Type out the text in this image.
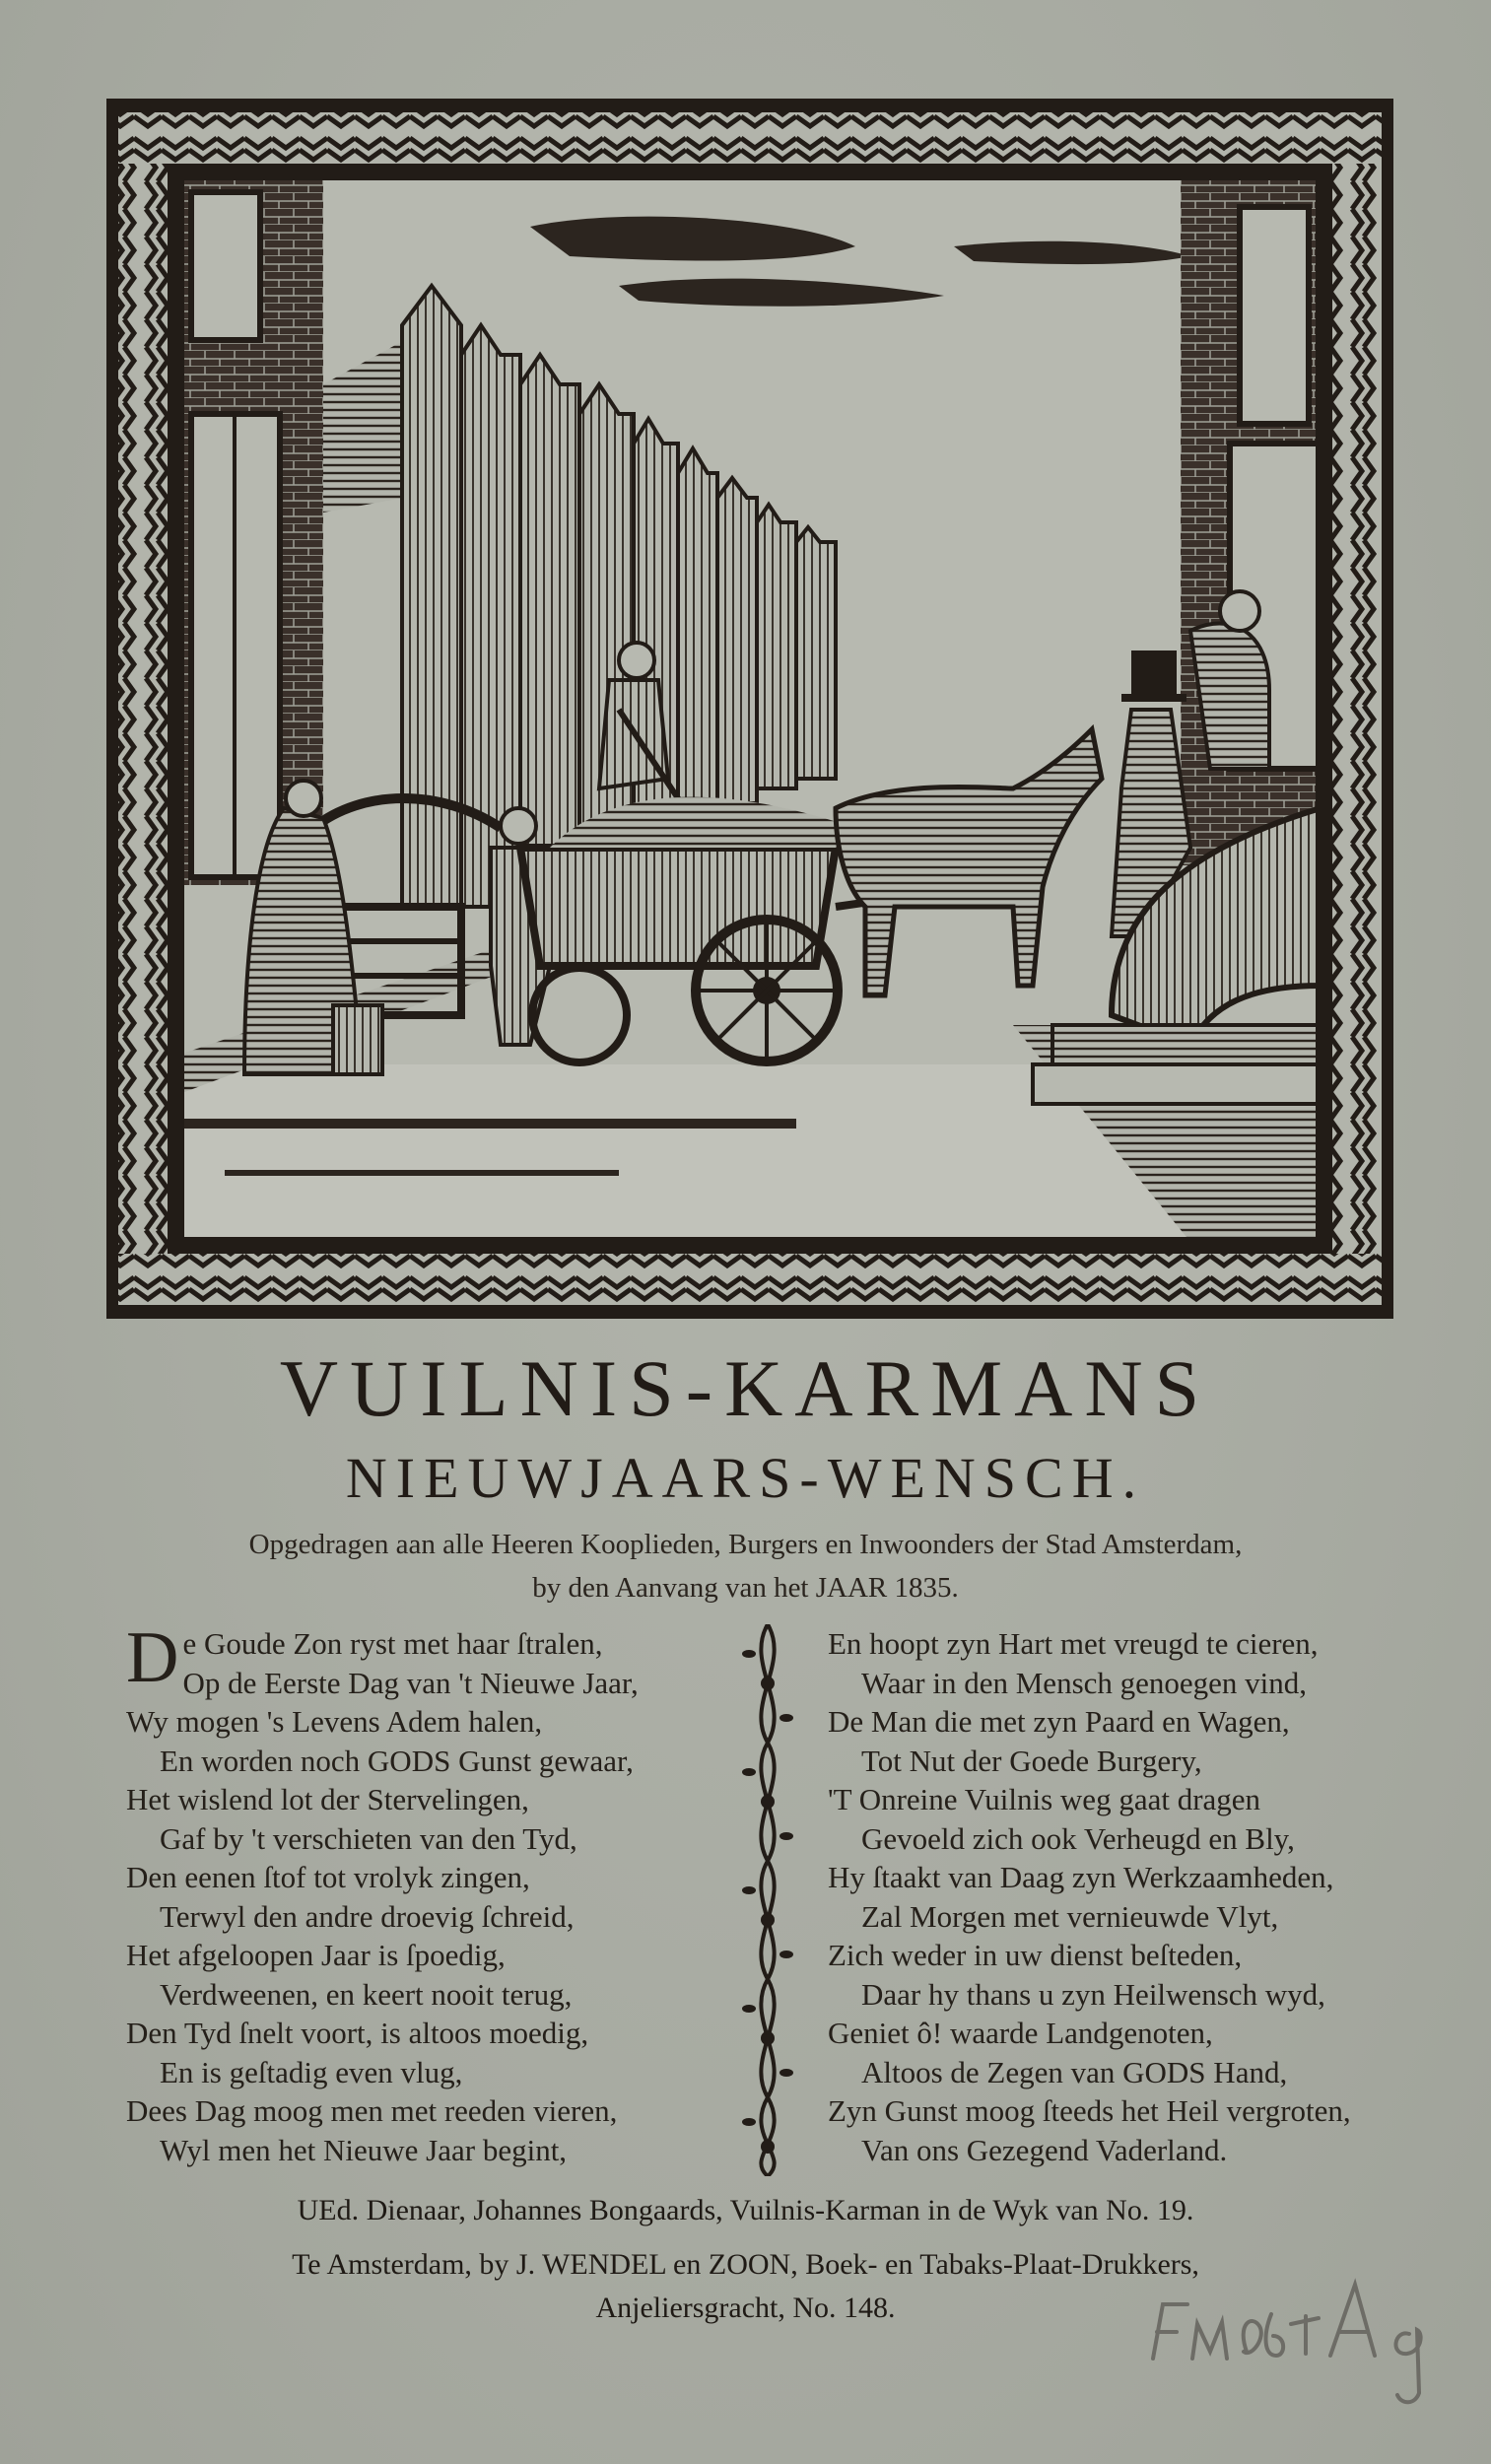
VUILNIS-KARMANS
NIEUWJAARS-WENSCH.
Opgedragen aan alle Heeren Kooplieden, Burgers en Inwoonders der Stad Amsterdam,
by den Aanvang van het JAAR 1835.
D e Goude Zon ryst met haar ſtralen,
Op de Eerste Dag van 't Nieuwe Jaar,
Wy mogen 's Levens Adem halen,
En worden noch GODS Gunst gewaar,
Het wislend lot der Stervelingen,
Gaf by 't verschieten van den Tyd,
Den eenen ſtof tot vrolyk zingen,
Terwyl den andre droevig ſchreid,
Het afgeloopen Jaar is ſpoedig,
Verdweenen, en keert nooit terug,
Den Tyd ſnelt voort, is altoos moedig,
En is geſtadig even vlug,
Dees Dag moog men met reeden vieren,
Wyl men het Nieuwe Jaar begint,
En hoopt zyn Hart met vreugd te cieren,
Waar in den Mensch genoegen vind,
De Man die met zyn Paard en Wagen,
Tot Nut der Goede Burgery,
'T Onreine Vuilnis weg gaat dragen
Gevoeld zich ook Verheugd en Bly,
Hy ſtaakt van Daag zyn Werkzaamheden,
Zal Morgen met vernieuwde Vlyt,
Zich weder in uw dienst beſteden,
Daar hy thans u zyn Heilwensch wyd,
Geniet ô! waarde Landgenoten,
Altoos de Zegen van GODS Hand,
Zyn Gunst moog ſteeds het Heil vergroten,
Van ons Gezegend Vaderland.
UEd. Dienaar, Johannes Bongaards, Vuilnis-Karman in de Wyk van No. 19.
Te Amsterdam, by J. WENDEL en ZOON, Boek- en Tabaks-Plaat-Drukkers,
Anjeliersgracht, No. 148.
